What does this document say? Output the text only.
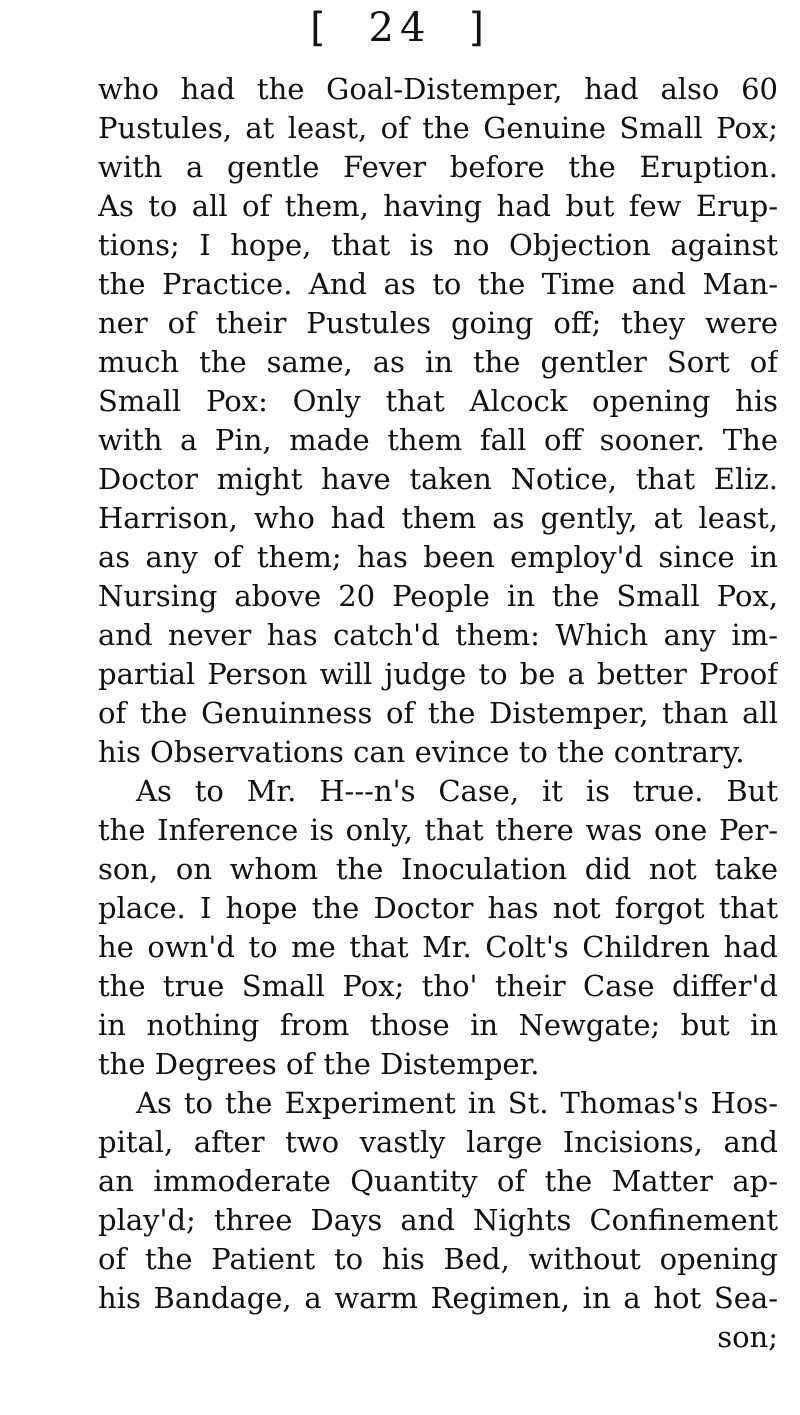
[ 24 ]
who had the Goal-Distemper, had also 60
Pustules, at least, of the Genuine Small Pox;
with a gentle Fever before the Eruption.
As to all of them, having had but few Erup-
tions; I hope, that is no Objection against
the Practice. And as to the Time and Man-
ner of their Pustules going off; they were
much the same, as in the gentler Sort of
Small Pox: Only that Alcock opening his
with a Pin, made them fall off sooner. The
Doctor might have taken Notice, that Eliz.
Harrison, who had them as gently, at least,
as any of them; has been employ'd since in
Nursing above 20 People in the Small Pox,
and never has catch'd them: Which any im-
partial Person will judge to be a better Proof
of the Genuinness of the Distemper, than all
his Observations can evince to the contrary.
As to Mr. H---n's Case, it is true. But
the Inference is only, that there was one Per-
son, on whom the Inoculation did not take
place. I hope the Doctor has not forgot that
he own'd to me that Mr. Colt's Children had
the true Small Pox; tho' their Case differ'd
in nothing from those in Newgate; but in
the Degrees of the Distemper.
As to the Experiment in St. Thomas's Hos-
pital, after two vastly large Incisions, and
an immoderate Quantity of the Matter ap-
play'd; three Days and Nights Confinement
of the Patient to his Bed, without opening
his Bandage, a warm Regimen, in a hot Sea-
son;
